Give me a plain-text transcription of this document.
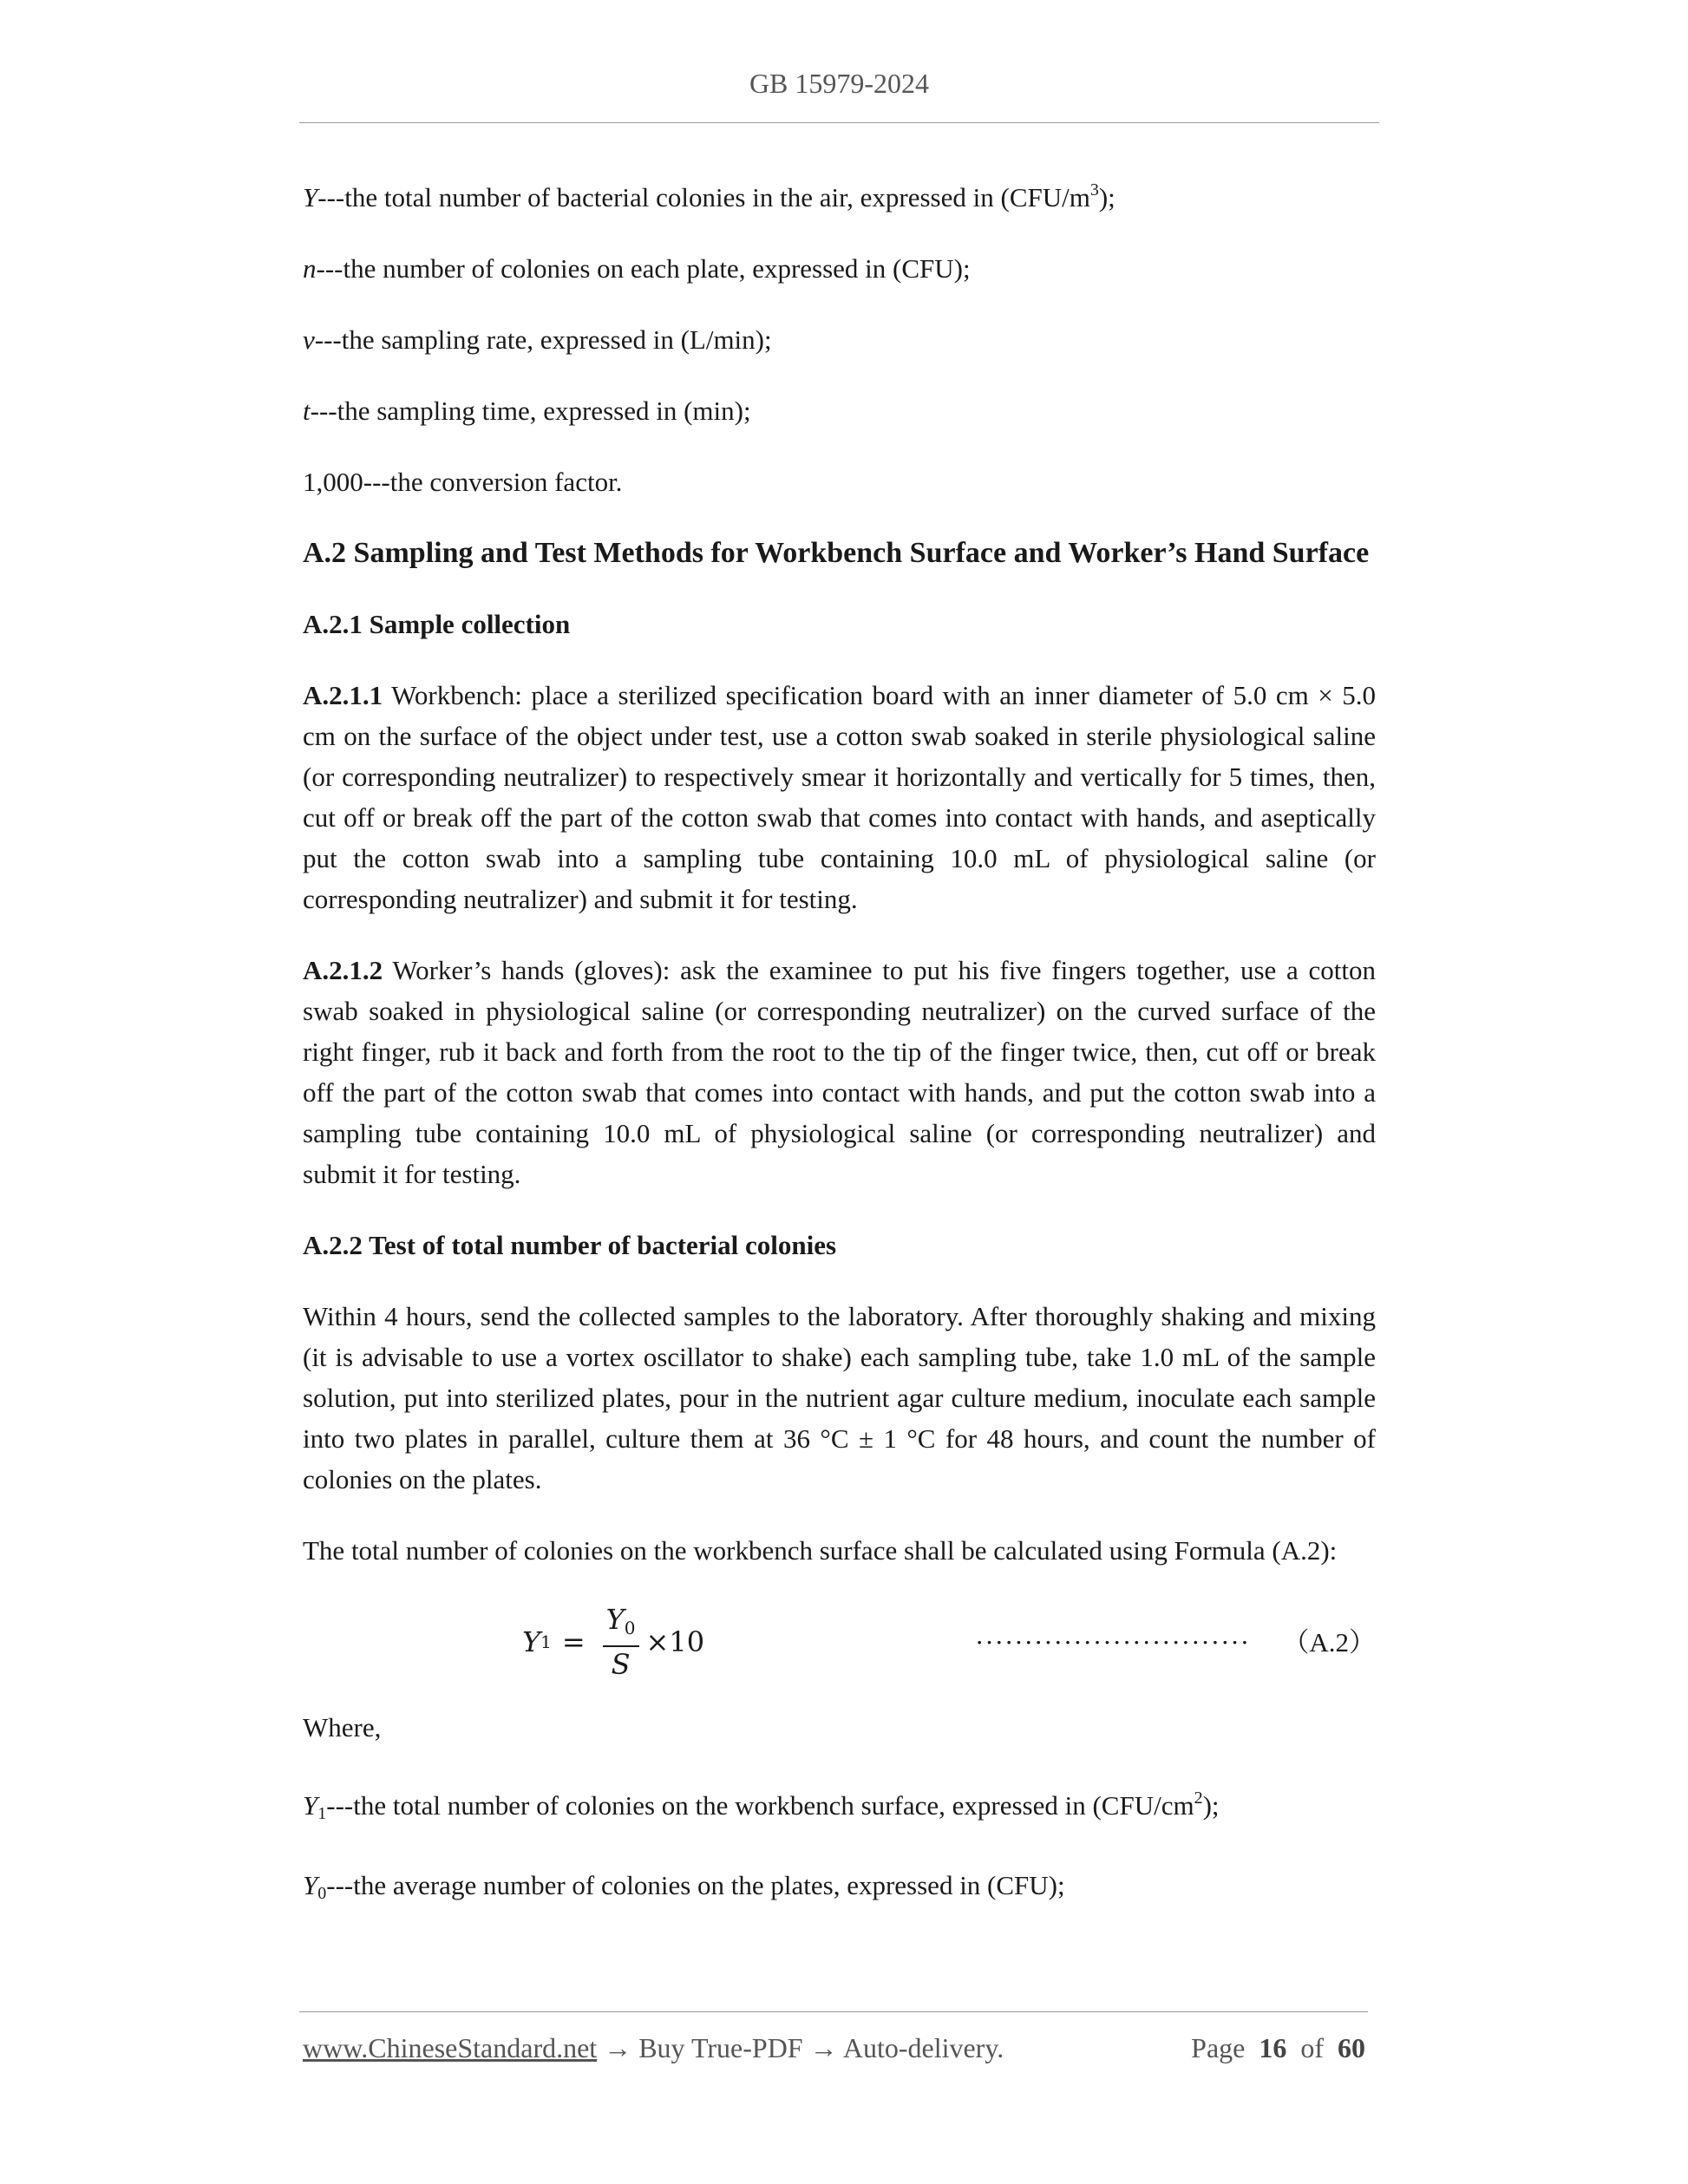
GB 15979-2024

Y---the total number of bacterial colonies in the air, expressed in $(CFU/m^3)$;

n---the number of colonies on each plate, expressed in (CFU);

v---the sampling rate, expressed in (L/min);

t---the sampling time, expressed in (min);

1,000---the conversion factor.

A.2 Sampling and Test Methods for Workbench Surface and Worker’s Hand Surface
A.2.1 Sample collection

A.2.1.1 Workbench: place a sterilized specification board with an inner diameter of 5.0 cm × 5.0 cm on the surface of the object under test, use a cotton swab soaked in sterile physiological saline (or corresponding neutralizer) to respectively smear it horizontally and vertically for 5 times, then, cut off or break off the part of the cotton swab that comes into contact with hands, and aseptically put the cotton swab into a sampling tube containing 10.0 mL of physiological saline (or corresponding neutralizer) and submit it for testing.

A.2.1.2 Worker’s hands (gloves): ask the examinee to put his five fingers together, use a cotton swab soaked in physiological saline (or corresponding neutralizer) on the curved surface of the right finger, rub it back and forth from the root to the tip of the finger twice, then, cut off or break off the part of the cotton swab that comes into contact with hands, and put the cotton swab into a sampling tube containing 10.0 mL of physiological saline (or corresponding neutralizer) and submit it for testing.

A.2.2 Test of total number of bacterial colonies

Within 4 hours, send the collected samples to the laboratory. After thoroughly shaking and mixing (it is advisable to use a vortex oscillator to shake) each sampling tube, take 1.0 mL of the sample solution, put into sterilized plates, pour in the nutrient agar culture medium, inoculate each sample into two plates in parallel, culture them at 36 °C ± 1 °C for 48 hours, and count the number of colonies on the plates.

The total number of colonies on the workbench surface shall be calculated using Formula (A.2):

Y $1 = \frac{Y_0}{S} \times 10$	···························· （A.2）

Where,

$Y_1--$-the total number of colonies on the workbench surface, expressed in $(CFU/cm^2)$;

$Y_0--$-the average number of colonies on the plates, expressed in (CFU);

www.ChineseStandard.net → Buy True-PDF → Auto-delivery.	Page 16 of 60
